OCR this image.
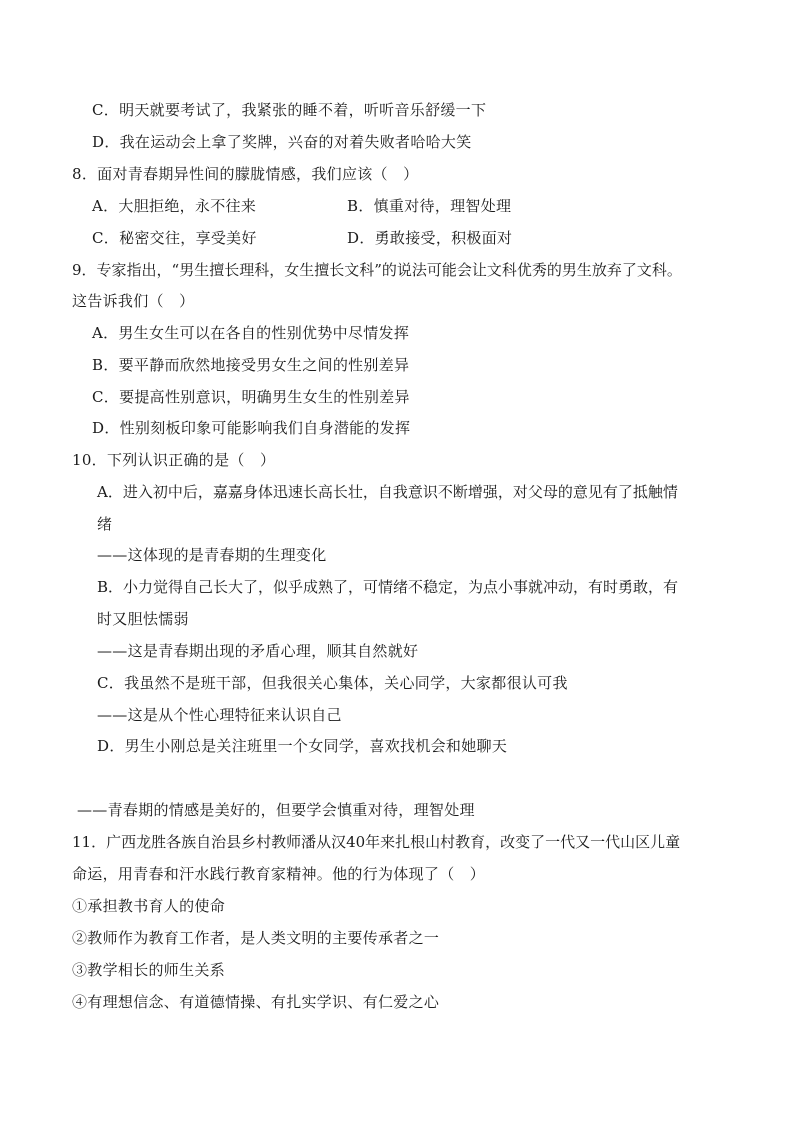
C．明天就要考试了，我紧张的睡不着，听听音乐舒缓一下
D．我在运动会上拿了奖牌，兴奋的对着失败者哈哈大笑
8．面对青春期异性间的朦胧情感，我们应该（　）
A．大胆拒绝，永不往来	B．慎重对待，理智处理
C．秘密交往，享受美好	D．勇敢接受，积极面对
9．专家指出，“男生擅长理科，女生擅长文科”的说法可能会让文科优秀的男生放弃了文科。
这告诉我们（　）
A．男生女生可以在各自的性别优势中尽情发挥
B．要平静而欣然地接受男女生之间的性别差异
C．要提高性别意识，明确男生女生的性别差异
D．性别刻板印象可能影响我们自身潜能的发挥
10．下列认识正确的是（　）
A．进入初中后，嘉嘉身体迅速长高长壮，自我意识不断增强，对父母的意见有了抵触情
绪
——这体现的是青春期的生理变化
B．小力觉得自己长大了，似乎成熟了，可情绪不稳定，为点小事就冲动，有时勇敢，有
时又胆怯懦弱
——这是青春期出现的矛盾心理，顺其自然就好
C．我虽然不是班干部，但我很关心集体，关心同学，大家都很认可我
——这是从个性心理特征来认识自己
D．男生小刚总是关注班里一个女同学，喜欢找机会和她聊天
——青春期的情感是美好的，但要学会慎重对待，理智处理
11．广西龙胜各族自治县乡村教师潘从汉40年来扎根山村教育，改变了一代又一代山区儿童
命运，用青春和汗水践行教育家精神。他的行为体现了（　）
①承担教书育人的使命
②教师作为教育工作者，是人类文明的主要传承者之一
③教学相长的师生关系
④有理想信念、有道德情操、有扎实学识、有仁爱之心
